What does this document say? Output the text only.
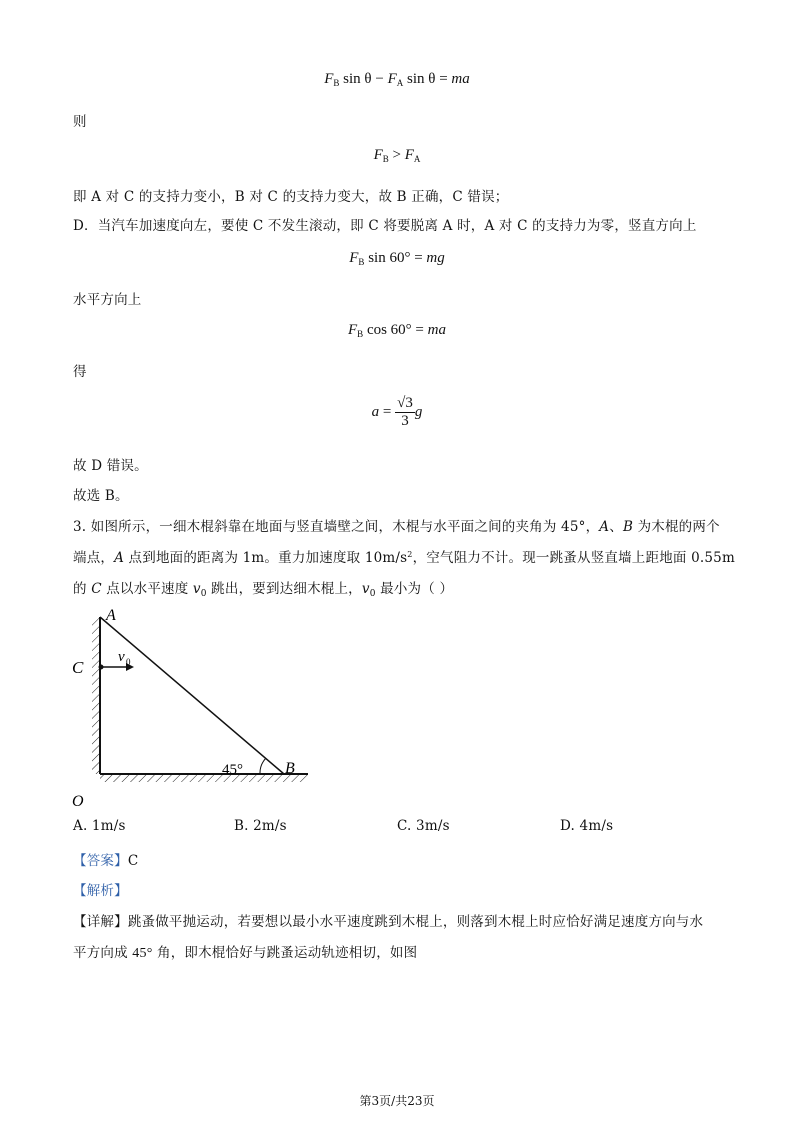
$F_B$ $\sin \theta - F_A$ sin θ = ma
则
$F_B > F_A$
即 A 对 C 的支持力变小，B 对 C 的支持力变大，故 B 正确，C 错误；
D．当汽车加速度向左，要使 C 不发生滚动，即 C 将要脱离 A 时，A 对 C 的支持力为零，竖直方向上
$F_B$ sin 60° = mg
水平方向上
$F_B$ cos 60° = ma
得
$a = \frac{√3}{3}$ g
故 D 错误。
故选 B。
3. 如图所示，一细木棍斜靠在地面与竖直墙壁之间，木棍与水平面之间的夹角为 45°，A、B 为木棍的两个
端点，A 点到地面的距离为 1m。重力加速度取 $10m/s^2$，空气阻力不计。现一跳蚤从竖直墙上距地面 0.55m
的 C 点以水平速度 $v_0$ 跳出，要到达细木棍上，$v_0$ 最小为（ ）
A
C
v 0
45°	B
O
A. 1m/s	B. 2m/s	C. 3m/s	D. 4m/s
【答案】C
【解析】
【详解】跳蚤做平抛运动，若要想以最小水平速度跳到木棍上，则落到木棍上时应恰好满足速度方向与水
平方向成 45° 角，即木棍恰好与跳蚤运动轨迹相切，如图
第3页/共23页
